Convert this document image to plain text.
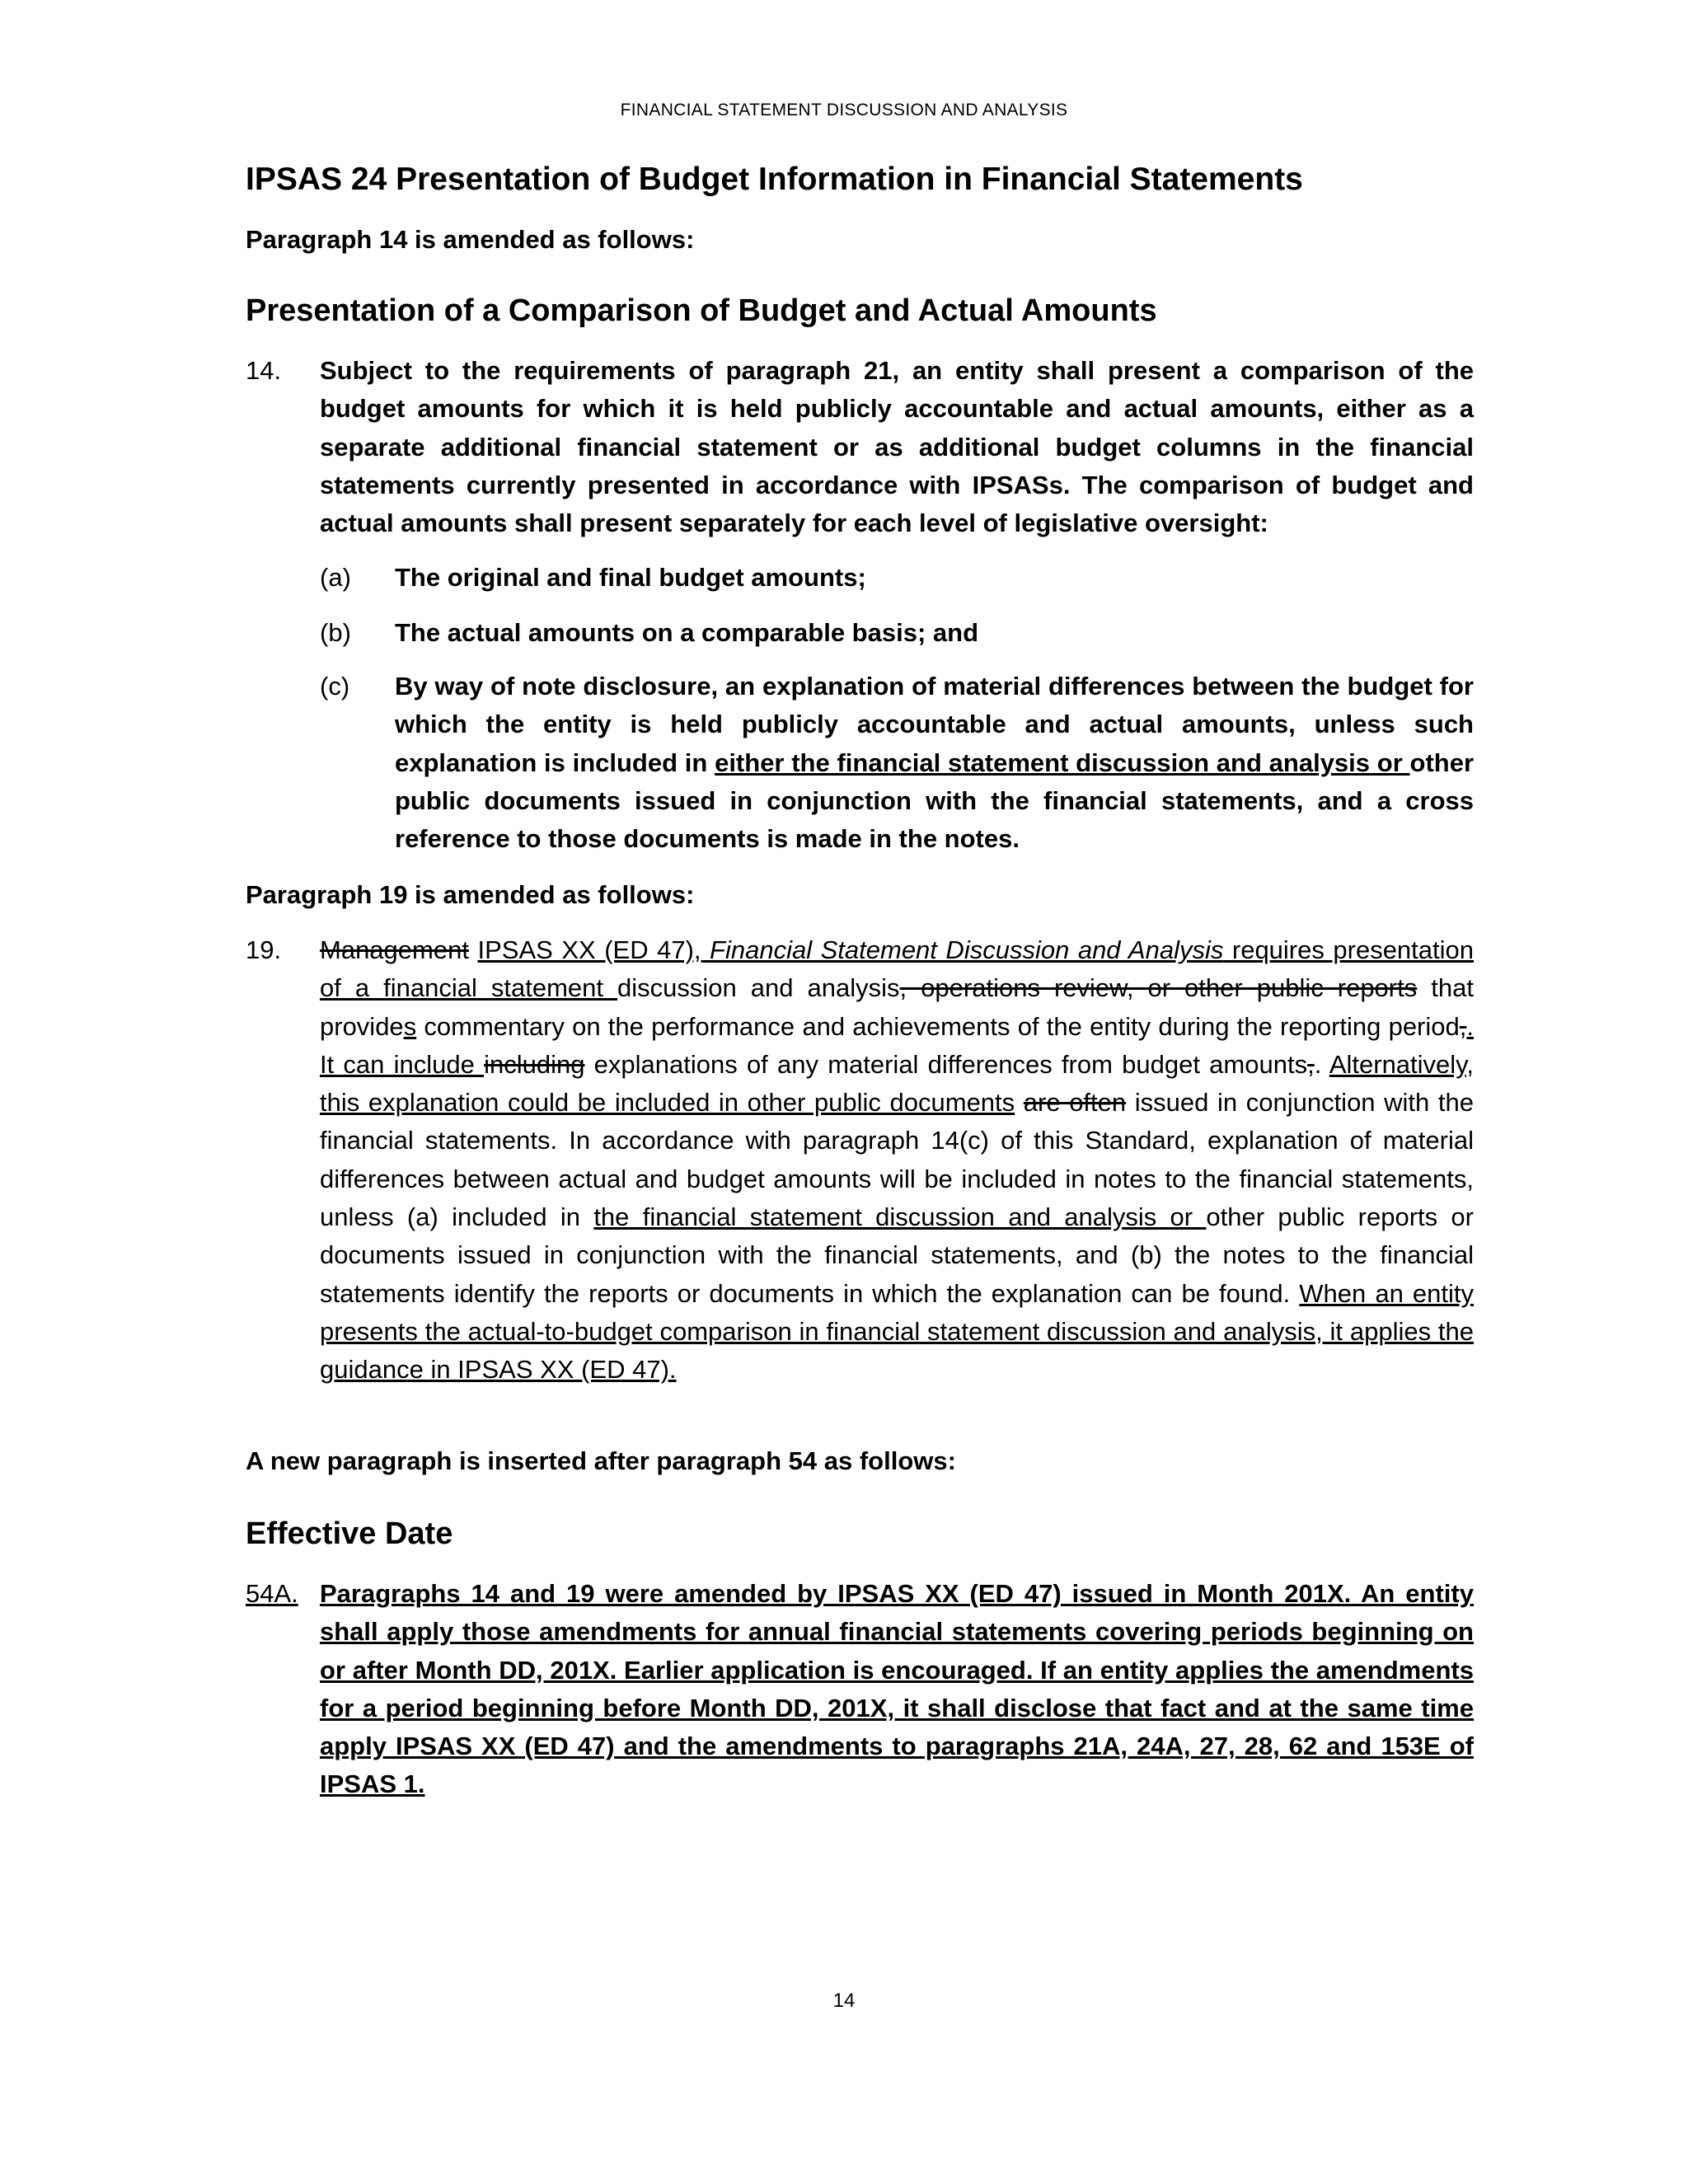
FINANCIAL STATEMENT DISCUSSION AND ANALYSIS
IPSAS 24 Presentation of Budget Information in Financial Statements
Paragraph 14 is amended as follows:
Presentation of a Comparison of Budget and Actual Amounts
14. Subject to the requirements of paragraph 21, an entity shall present a comparison of the budget amounts for which it is held publicly accountable and actual amounts, either as a separate additional financial statement or as additional budget columns in the financial statements currently presented in accordance with IPSASs. The comparison of budget and actual amounts shall present separately for each level of legislative oversight:
(a) The original and final budget amounts;
(b) The actual amounts on a comparable basis; and
(c) By way of note disclosure, an explanation of material differences between the budget for which the entity is held publicly accountable and actual amounts, unless such explanation is included in either the financial statement discussion and analysis or other public documents issued in conjunction with the financial statements, and a cross reference to those documents is made in the notes.
Paragraph 19 is amended as follows:
19. Management IPSAS XX (ED 47), Financial Statement Discussion and Analysis requires presentation of a financial statement discussion and analysis, operations review, or other public reports that provides commentary on the performance and achievements of the entity during the reporting period,. It can include including explanations of any material differences from budget amounts,. Alternatively, this explanation could be included in other public documents are often issued in conjunction with the financial statements. In accordance with paragraph 14(c) of this Standard, explanation of material differences between actual and budget amounts will be included in notes to the financial statements, unless (a) included in the financial statement discussion and analysis or other public reports or documents issued in conjunction with the financial statements, and (b) the notes to the financial statements identify the reports or documents in which the explanation can be found. When an entity presents the actual-to-budget comparison in financial statement discussion and analysis, it applies the guidance in IPSAS XX (ED 47).
A new paragraph is inserted after paragraph 54 as follows:
Effective Date
54A. Paragraphs 14 and 19 were amended by IPSAS XX (ED 47) issued in Month 201X. An entity shall apply those amendments for annual financial statements covering periods beginning on or after Month DD, 201X. Earlier application is encouraged. If an entity applies the amendments for a period beginning before Month DD, 201X, it shall disclose that fact and at the same time apply IPSAS XX (ED 47) and the amendments to paragraphs 21A, 24A, 27, 28, 62 and 153E of IPSAS 1.
14
